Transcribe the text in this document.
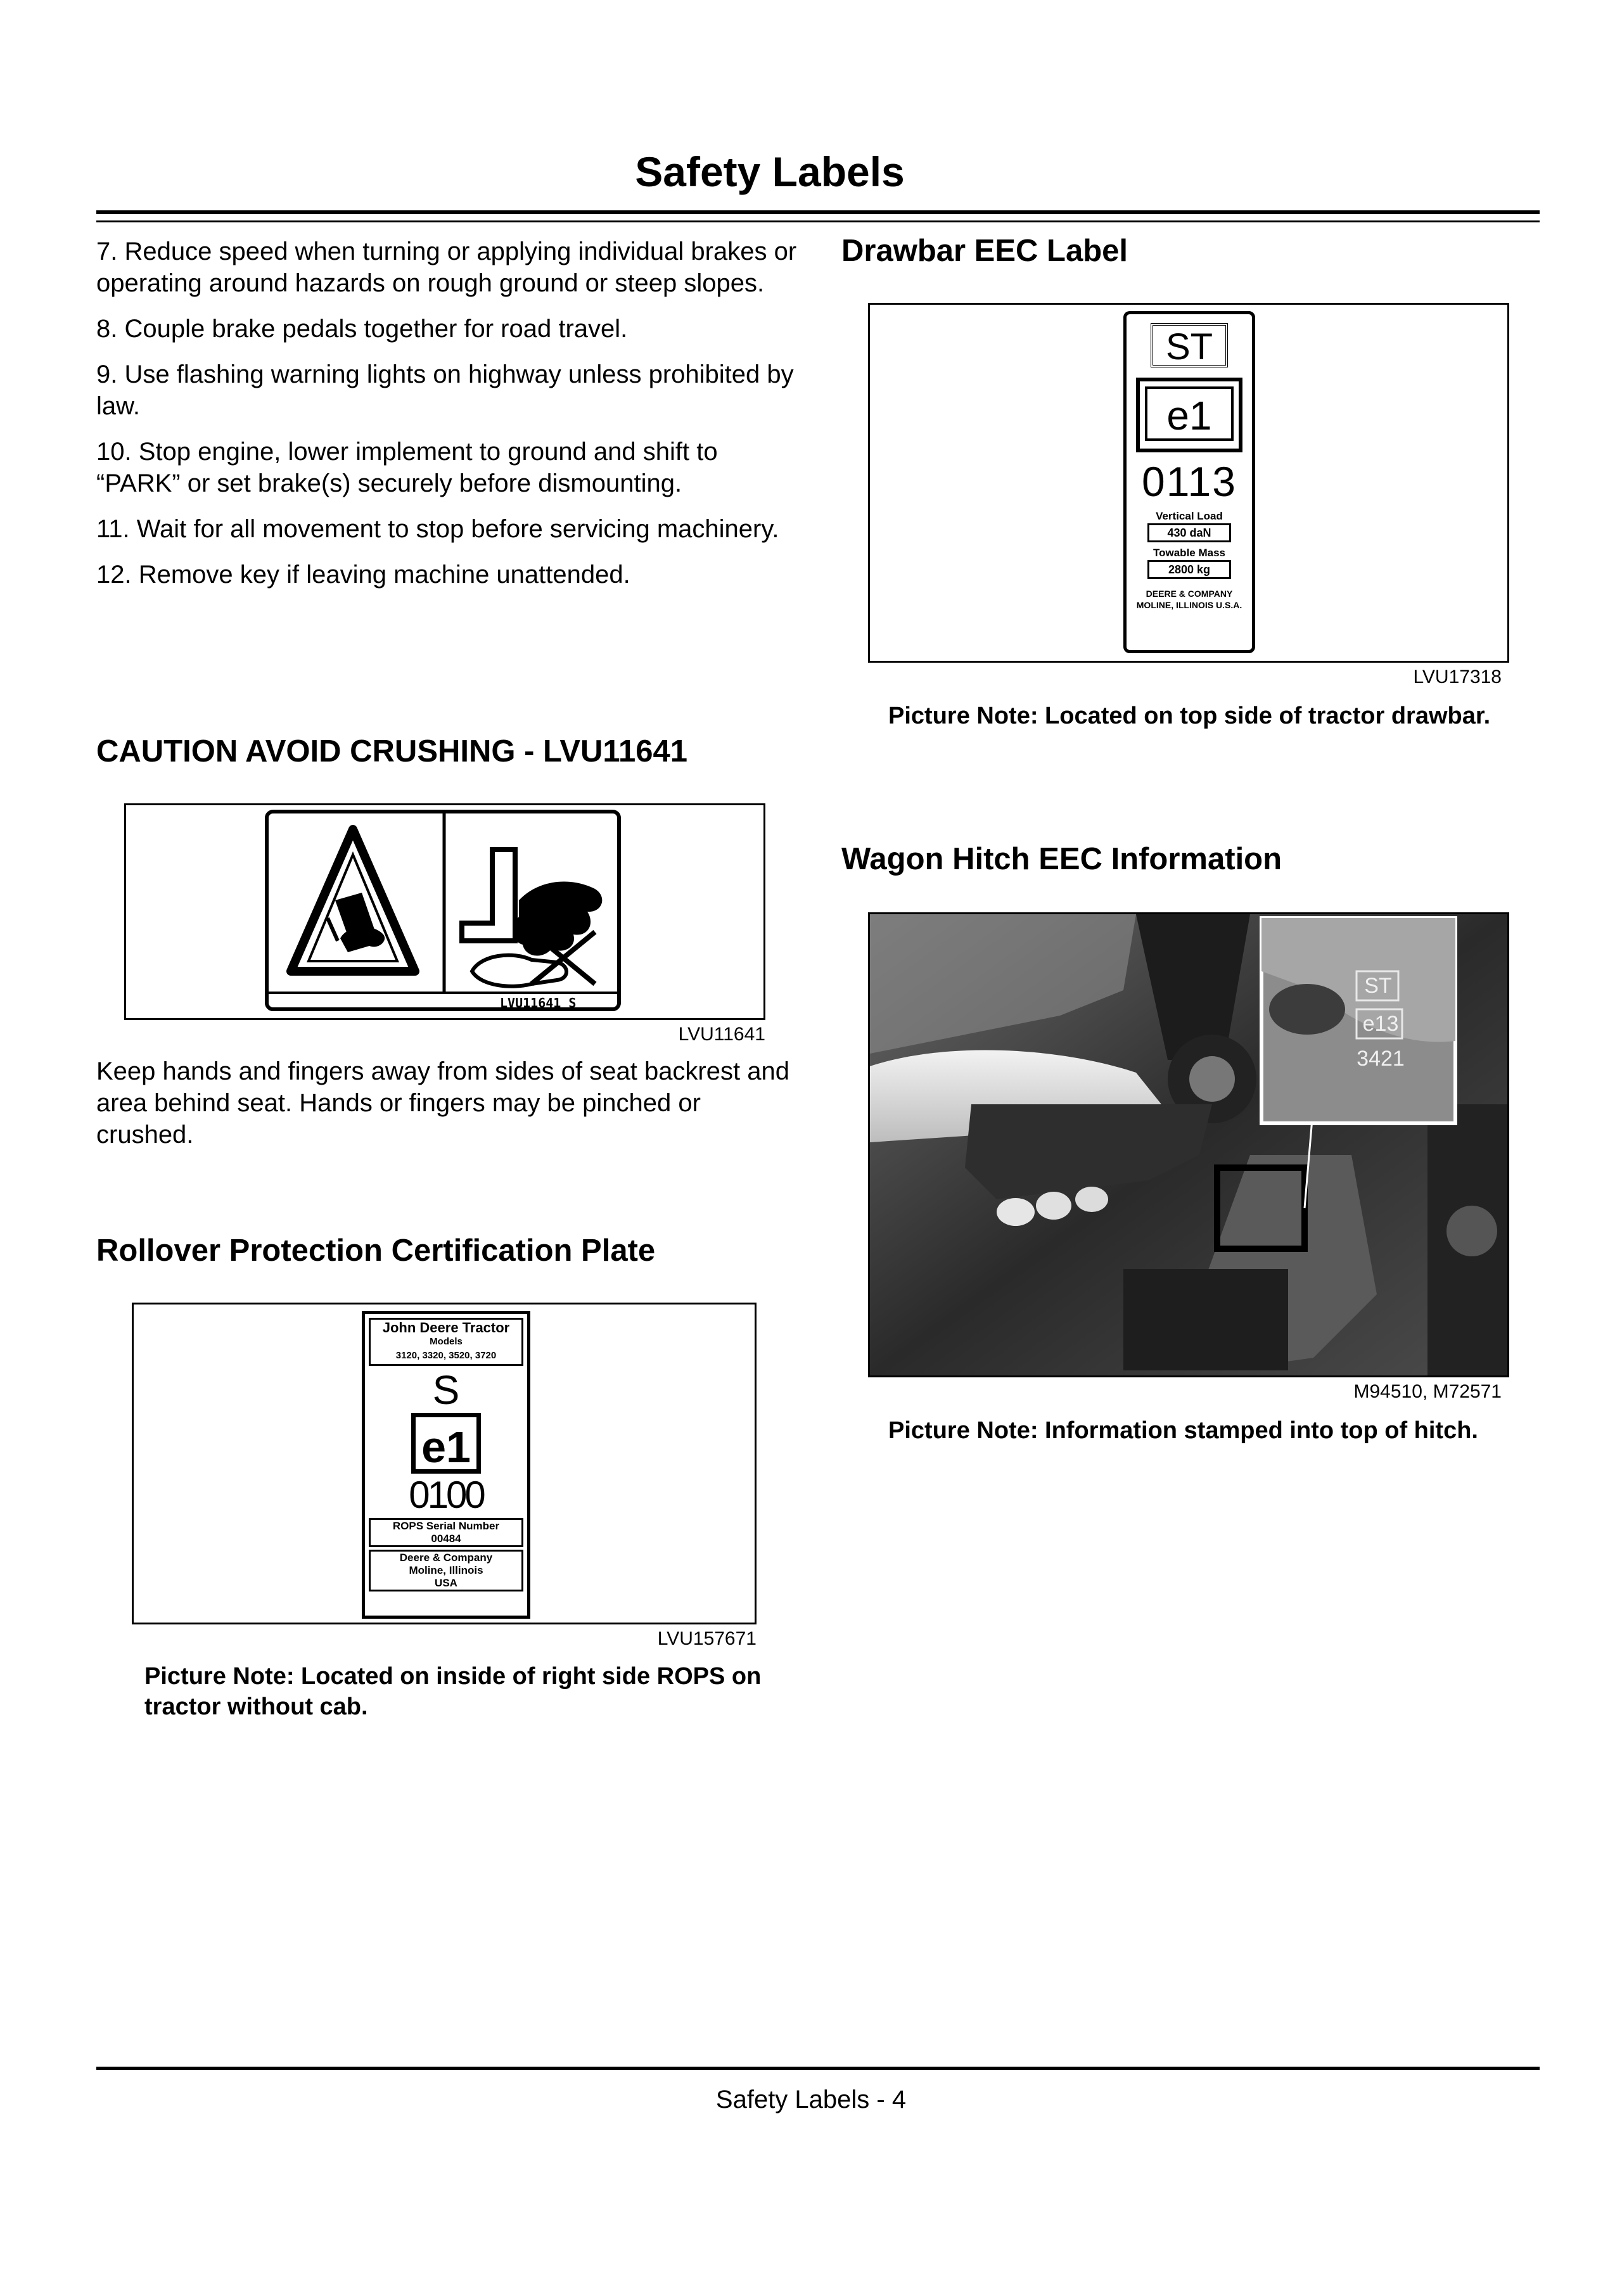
Safety Labels

7. Reduce speed when turning or applying individual brakes or operating around hazards on rough ground or steep slopes.

8. Couple brake pedals together for road travel.

9. Use flashing warning lights on highway unless prohibited by law.

10. Stop engine, lower implement to ground and shift to “PARK” or set brake(s) securely before dismounting.

11. Wait for all movement to stop before servicing machinery.

12. Remove key if leaving machine unattended.

CAUTION AVOID CRUSHING - LVU11641
LVU11641 S
LVU11641

Keep hands and fingers away from sides of seat backrest and area behind seat. Hands or fingers may be pinched or crushed.

Rollover Protection Certification Plate
John Deere Tractor
Models
3120, 3320, 3520, 3720
S
e1
0100
ROPS Serial Number
00484
Deere & Company
Moline, Illinois
USA
LVU157671

Picture Note: Located on inside of right side ROPS on tractor without cab.

Drawbar EEC Label
ST
e1
0113
Vertical Load
430 daN
Towable Mass
2800 kg
DEERE & COMPANY
MOLINE, ILLINOIS U.S.A.
LVU17318

Picture Note: Located on top side of tractor drawbar.

Wagon Hitch EEC Information
ST
e13
3421
M94510, M72571

Picture Note: Information stamped into top of hitch.

Safety Labels - 4
